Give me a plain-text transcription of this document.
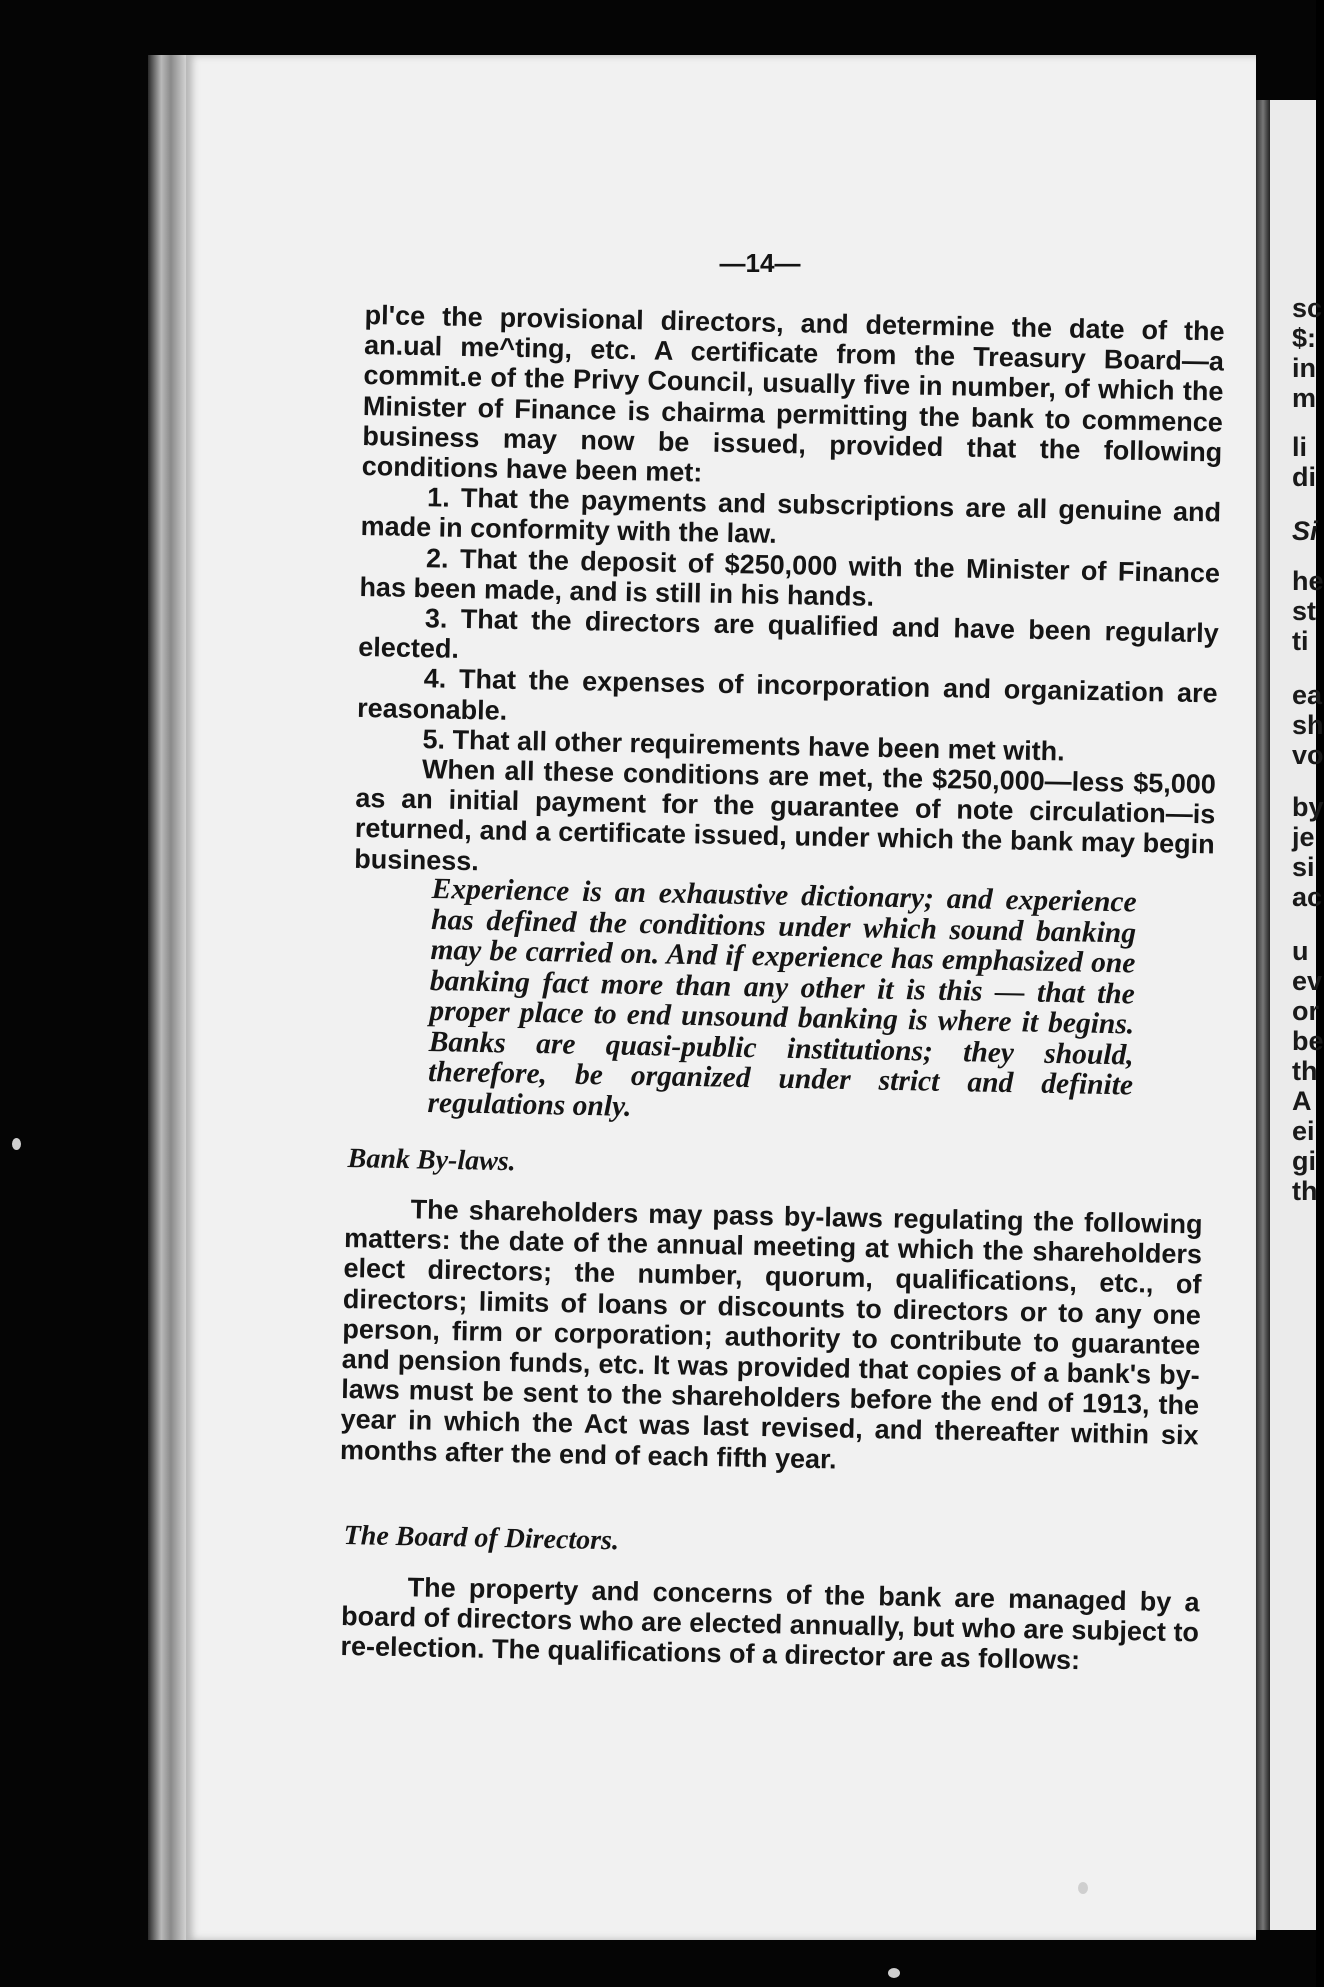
sc
$:
in
m
li
di
Si
he
st
ti
ea
sh
vo
by
je
si
ac
u
ev
or
be
th
A
ei
gi
th
—14—

pl'ce the provisional directors, and determine the date of the an.ual me^ting, etc. A certificate from the Treasury Board—a commit.e of the Privy Council, usually five in number, of which the Minister of Finance is chairma permitting the bank to commence business may now be issued, provided that the following conditions have been met:

1. That the payments and subscriptions are all genuine and made in conformity with the law.

2. That the deposit of $250,000 with the Minister of Finance has been made, and is still in his hands.

3. That the directors are qualified and have been regularly elected.

4. That the expenses of incorporation and organization are reasonable.

5. That all other requirements have been met with.

When all these conditions are met, the $250,000—less $5,000 as an initial payment for the guarantee of note circulation—is returned, and a certificate issued, under which the bank may begin business.

Experience is an exhaustive dictionary; and experience has defined the conditions under which sound banking may be carried on. And if experience has emphasized one banking fact more than any other it is this — that the proper place to end unsound banking is where it begins. Banks are quasi-public institutions; they should, therefore, be organized under strict and definite regulations only.
Bank By-laws.

The shareholders may pass by-laws regulating the following matters: the date of the annual meeting at which the shareholders elect directors; the number, quorum, qualifications, etc., of directors; limits of loans or discounts to directors or to any one person, firm or corporation; authority to contribute to guarantee and pension funds, etc. It was provided that copies of a bank's by-laws must be sent to the shareholders before the end of 1913, the year in which the Act was last revised, and thereafter within six months after the end of each fifth year.

The Board of Directors.

The property and concerns of the bank are managed by a board of directors who are elected annually, but who are subject to re-election. The qualifications of a director are as follows:
